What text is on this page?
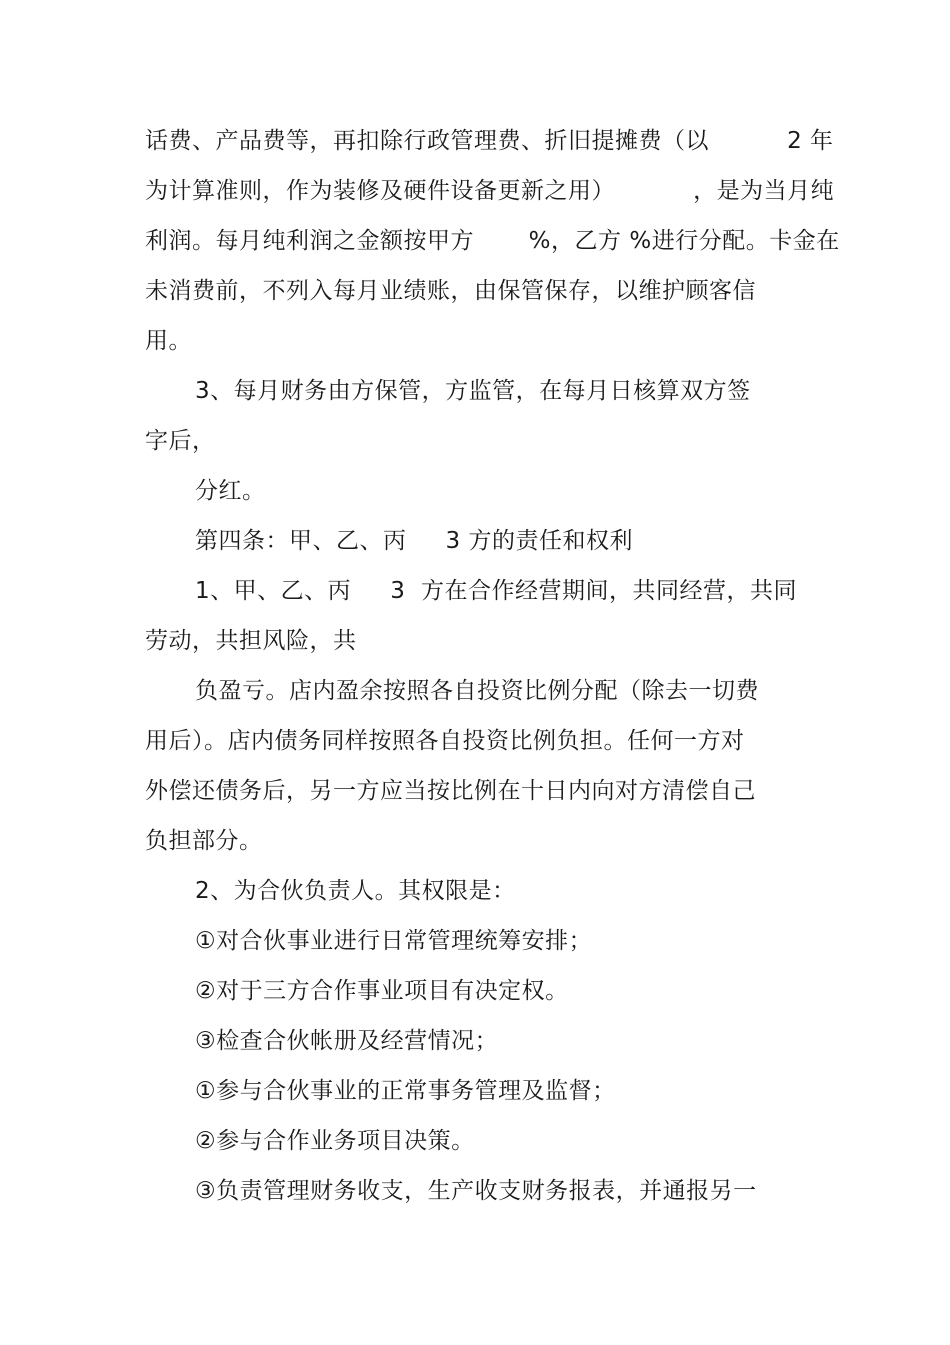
话费、产品费等，再扣除行政管理费、折旧提摊费（以          2 年
为计算准则，作为装修及硬件设备更新之用）          ，是为当月纯
利润。每月纯利润之金额按甲方       %，乙方 %进行分配。卡金在
未消费前，不列入每月业绩账，由保管保存，以维护顾客信
用。
3、每月财务由方保管，方监管，在每月日核算双方签
字后，
分红。
第四条：甲、乙、丙     3 方的责任和权利
1、甲、乙、丙     3  方在合作经营期间，共同经营，共同
劳动，共担风险，共
负盈亏。店内盈余按照各自投资比例分配（除去一切费
用后）。店内债务同样按照各自投资比例负担。任何一方对
外偿还债务后，另一方应当按比例在十日内向对方清偿自己
负担部分。
2、为合伙负责人。其权限是：
①对合伙事业进行日常管理统筹安排；
②对于三方合作事业项目有决定权。
③检查合伙帐册及经营情况；
①参与合伙事业的正常事务管理及监督；
②参与合作业务项目决策。
③负责管理财务收支，生产收支财务报表，并通报另一
